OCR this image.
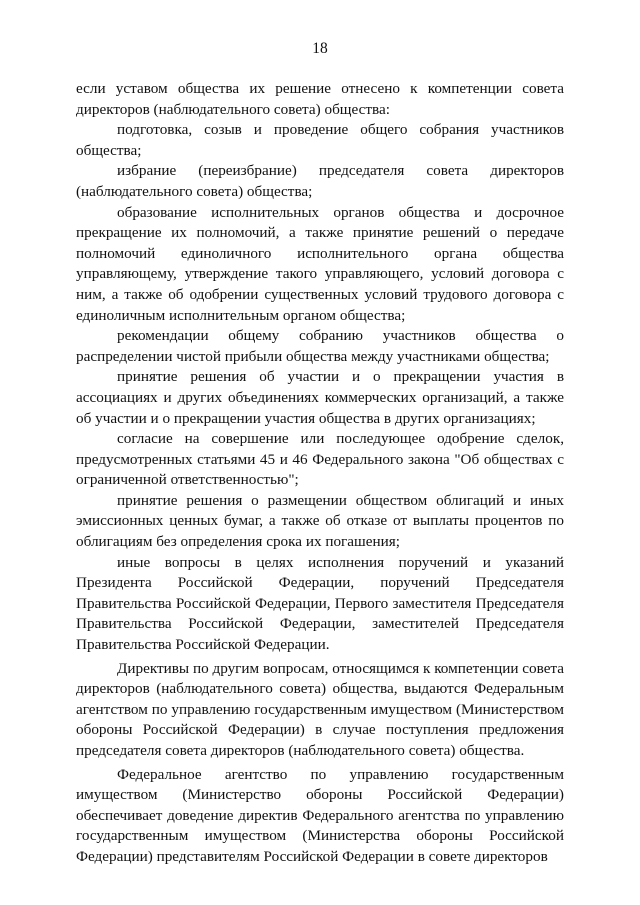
18

если уставом общества их решение отнесено к компетенции совета директоров (наблюдательного совета) общества:

подготовка, созыв и проведение общего собрания участников общества;

избрание (переизбрание) председателя совета директоров (наблюдательного совета) общества;

образование исполнительных органов общества и досрочное прекращение их полномочий, а также принятие решений о передаче полномочий единоличного исполнительного органа общества управляющему, утверждение такого управляющего, условий договора с ним, а также об одобрении существенных условий трудового договора с единоличным исполнительным органом общества;

рекомендации общему собранию участников общества о распределении чистой прибыли общества между участниками общества;

принятие решения об участии и о прекращении участия в ассоциациях и других объединениях коммерческих организаций, а также об участии и о прекращении участия общества в других организациях;

согласие на совершение или последующее одобрение сделок, предусмотренных статьями 45 и 46 Федерального закона "Об обществах с ограниченной ответственностью";

принятие решения о размещении обществом облигаций и иных эмиссионных ценных бумаг, а также об отказе от выплаты процентов по облигациям без определения срока их погашения;

иные вопросы в целях исполнения поручений и указаний Президента Российской Федерации, поручений Председателя Правительства Российской Федерации, Первого заместителя Председателя Правительства Российской Федерации, заместителей Председателя Правительства Российской Федерации.

Директивы по другим вопросам, относящимся к компетенции совета директоров (наблюдательного совета) общества, выдаются Федеральным агентством по управлению государственным имуществом (Министерством обороны Российской Федерации) в случае поступления предложения председателя совета директоров (наблюдательного совета) общества.

Федеральное агентство по управлению государственным имуществом (Министерство обороны Российской Федерации) обеспечивает доведение директив Федерального агентства по управлению государственным имуществом (Министерства обороны Российской Федерации) представителям Российской Федерации в совете директоров
